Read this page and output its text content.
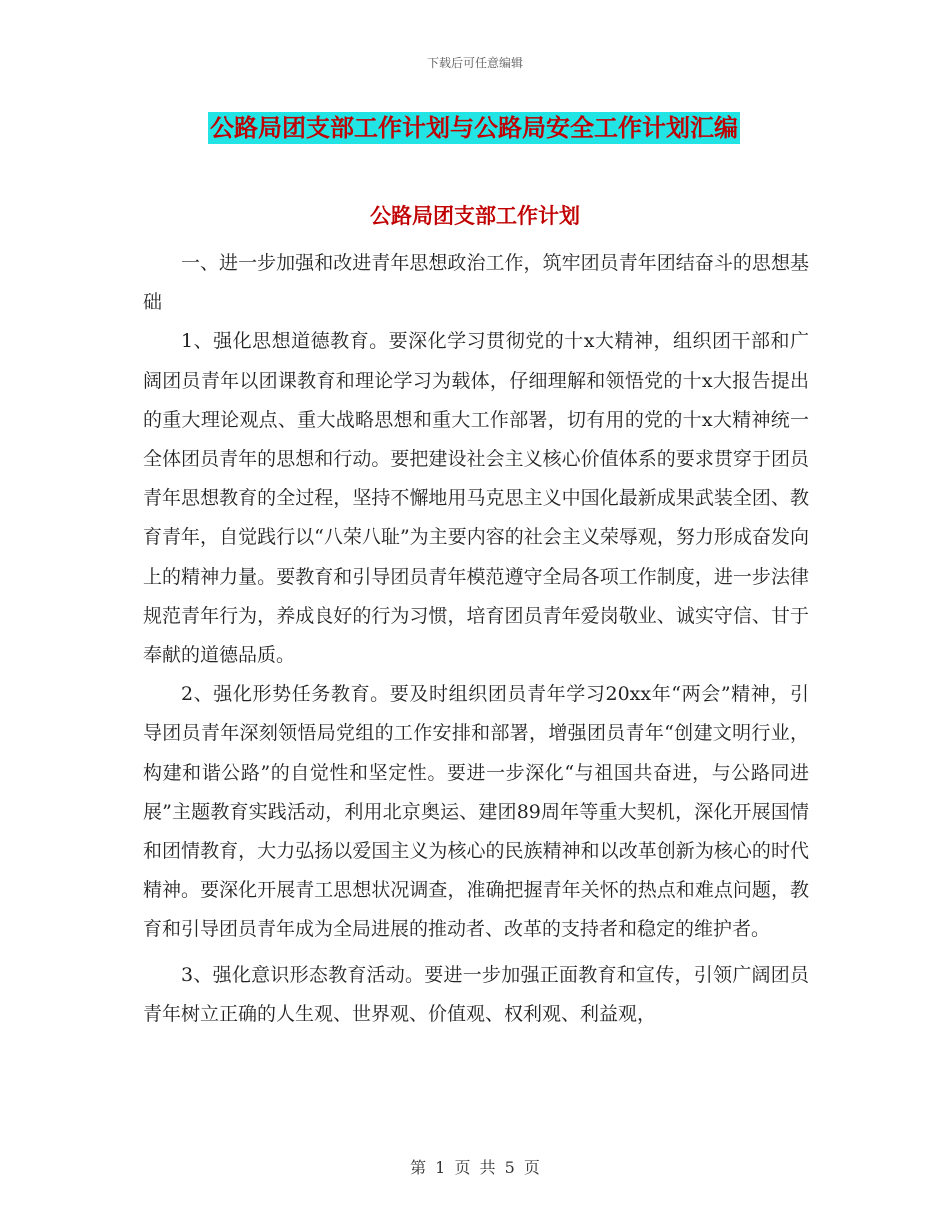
下载后可任意编辑
公路局团支部工作计划与公路局安全工作计划汇编
公路局团支部工作计划

一、进一步加强和改进青年思想政治工作，筑牢团员青年团结奋斗的思想基础

1、强化思想道德教育。要深化学习贯彻党的十x大精神，组织团干部和广阔团员青年以团课教育和理论学习为载体，仔细理解和领悟党的十x大报告提出的重大理论观点、重大战略思想和重大工作部署，切有用的党的十x大精神统一全体团员青年的思想和行动。要把建设社会主义核心价值体系的要求贯穿于团员青年思想教育的全过程，坚持不懈地用马克思主义中国化最新成果武装全团、教育青年，自觉践行以“八荣八耻”为主要内容的社会主义荣辱观，努力形成奋发向上的精神力量。要教育和引导团员青年模范遵守全局各项工作制度，进一步法律规范青年行为，养成良好的行为习惯，培育团员青年爱岗敬业、诚实守信、甘于奉献的道德品质。

2、强化形势任务教育。要及时组织团员青年学习20xx年“两会”精神，引导团员青年深刻领悟局党组的工作安排和部署，增强团员青年“创建文明行业，构建和谐公路”的自觉性和坚定性。要进一步深化“与祖国共奋进，与公路同进展”主题教育实践活动，利用北京奥运、建团89周年等重大契机，深化开展国情和团情教育，大力弘扬以爱国主义为核心的民族精神和以改革创新为核心的时代精神。要深化开展青工思想状况调查，准确把握青年关怀的热点和难点问题，教育和引导团员青年成为全局进展的推动者、改革的支持者和稳定的维护者。

3、强化意识形态教育活动。要进一步加强正面教育和宣传，引领广阔团员青年树立正确的人生观、世界观、价值观、权利观、利益观，

第 1 页 共 5 页
